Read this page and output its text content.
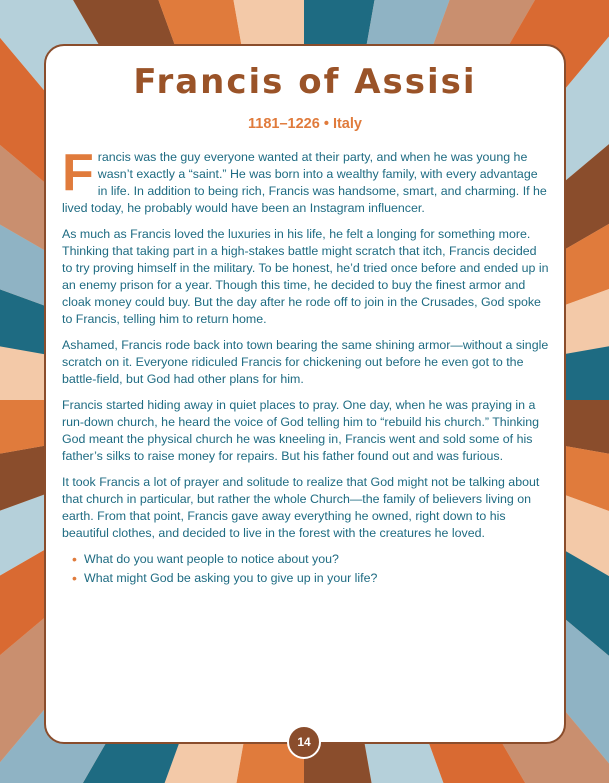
Francis of Assisi
1181–1226 • Italy

Francis was the guy everyone wanted at their party, and when he was young he wasn’t exactly a “saint.” He was born into a wealthy family, with every advantage in life. In addition to being rich, Francis was handsome, smart, and charming. If he lived today, he probably would have been an Instagram influencer.

As much as Francis loved the luxuries in his life, he felt a longing for something more. Thinking that taking part in a high-stakes battle might scratch that itch, Francis decided to try proving himself in the military. To be honest, he’d tried once before and ended up in an enemy prison for a year. Though this time, he decided to buy the finest armor and cloak money could buy. But the day after he rode off to join in the Crusades, God spoke to Francis, telling him to return home.

Ashamed, Francis rode back into town bearing the same shining armor—without a single scratch on it. Everyone ridiculed Francis for chickening out before he even got to the battle-field, but God had other plans for him.

Francis started hiding away in quiet places to pray. One day, when he was praying in a run-down church, he heard the voice of God telling him to “rebuild his church.” Thinking God meant the physical church he was kneeling in, Francis went and sold some of his father’s silks to raise money for repairs. But his father found out and was furious.

It took Francis a lot of prayer and solitude to realize that God might not be talking about that church in particular, but rather the whole Church—the family of believers living on earth. From that point, Francis gave away everything he owned, right down to his beautiful clothes, and decided to live in the forest with the creatures he loved.

• What do you want people to notice about you?
• What might God be asking you to give up in your life?
14
